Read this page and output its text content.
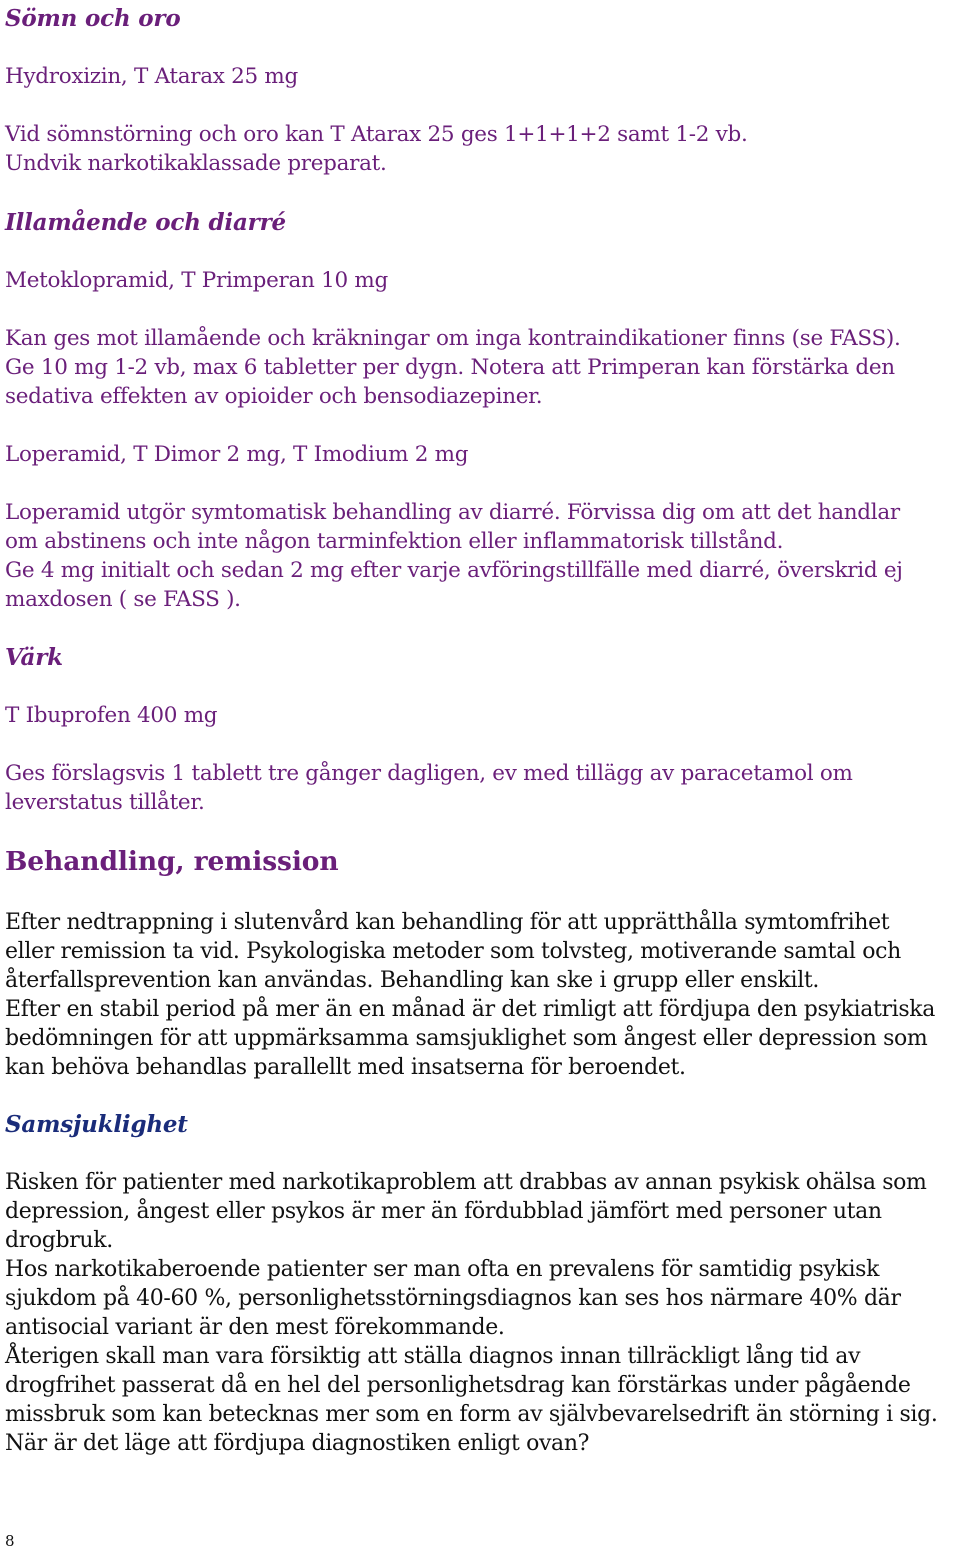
Sömn och oro
Hydroxizin, T Atarax 25 mg
Vid sömnstörning och oro kan T Atarax 25 ges 1+1+1+2 samt 1-2 vb.
Undvik narkotikaklassade preparat.
Illamående och diarré
Metoklopramid, T Primperan 10 mg
Kan ges mot illamående och kräkningar om inga kontraindikationer finns (se FASS).
Ge 10 mg 1-2 vb, max 6 tabletter per dygn. Notera att Primperan kan förstärka den
sedativa effekten av opioider och bensodiazepiner.
Loperamid, T Dimor 2 mg, T Imodium 2 mg
Loperamid utgör symtomatisk behandling av diarré. Förvissa dig om att det handlar
om abstinens och inte någon tarminfektion eller inflammatorisk tillstånd.
Ge 4 mg initialt och sedan 2 mg efter varje avföringstillfälle med diarré, överskrid ej
maxdosen ( se FASS ).
Värk
T Ibuprofen 400 mg
Ges förslagsvis 1 tablett tre gånger dagligen, ev med tillägg av paracetamol om
leverstatus tillåter.
Behandling, remission
Efter nedtrappning i slutenvård kan behandling för att upprätthålla symtomfrihet
eller remission ta vid. Psykologiska metoder som tolvsteg, motiverande samtal och
återfallsprevention kan användas. Behandling kan ske i grupp eller enskilt.
Efter en stabil period på mer än en månad är det rimligt att fördjupa den psykiatriska
bedömningen för att uppmärksamma samsjuklighet som ångest eller depression som
kan behöva behandlas parallellt med insatserna för beroendet.
Samsjuklighet
Risken för patienter med narkotikaproblem att drabbas av annan psykisk ohälsa som
depression, ångest eller psykos är mer än fördubblad jämfört med personer utan
drogbruk.
Hos narkotikaberoende patienter ser man ofta en prevalens för samtidig psykisk
sjukdom på 40-60 %, personlighetsstörningsdiagnos kan ses hos närmare 40% där
antisocial variant är den mest förekommande.
Återigen skall man vara försiktig att ställa diagnos innan tillräckligt lång tid av
drogfrihet passerat då en hel del personlighetsdrag kan förstärkas under pågående
missbruk som kan betecknas mer som en form av självbevarelsedrift än störning i sig.
När är det läge att fördjupa diagnostiken enligt ovan?
8
